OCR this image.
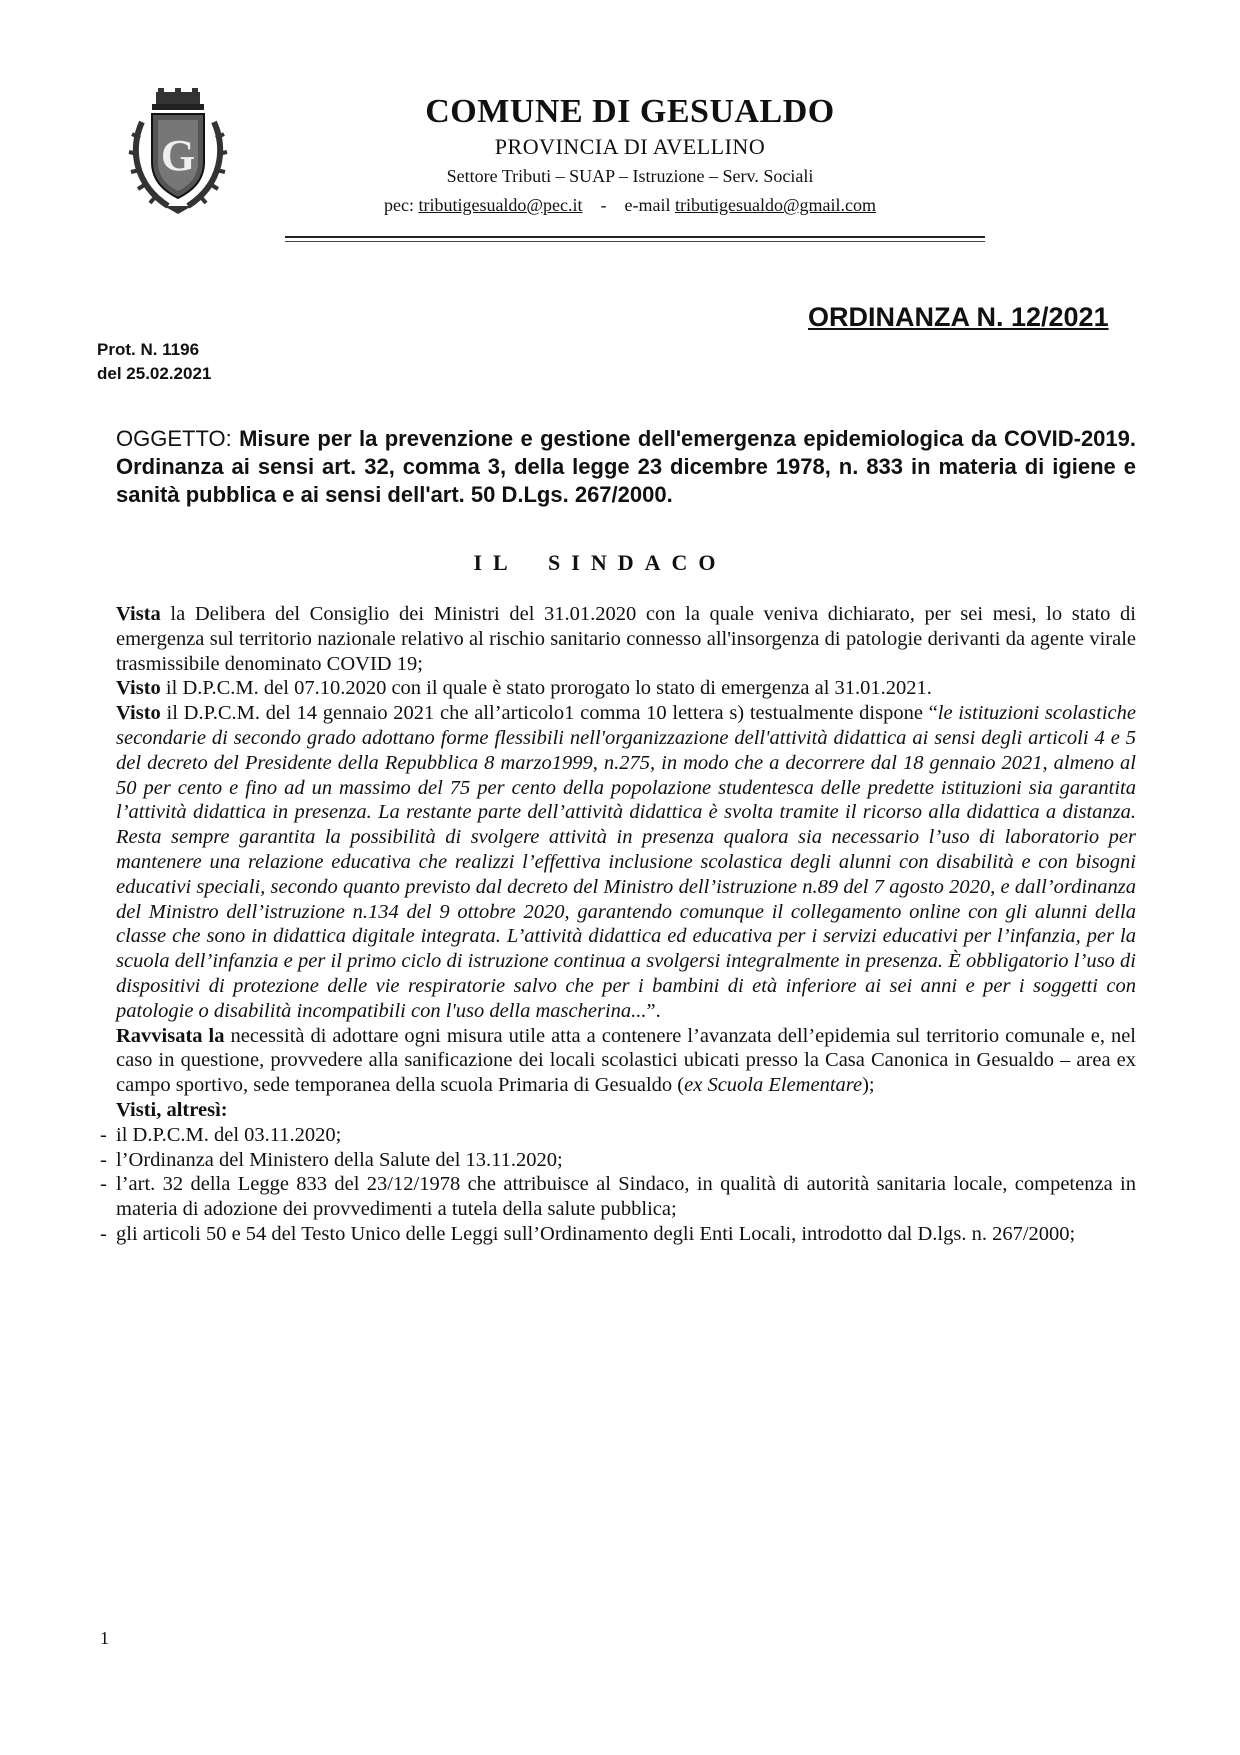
G
COMUNE DI GESUALDO
PROVINCIA DI AVELLINO
Settore Tributi – SUAP – Istruzione – Serv. Sociali
pec: tributigesualdo@pec.it - e-mail tributigesualdo@gmail.com
ORDINANZA N. 12/2021
Prot. N. 1196
del 25.02.2021
OGGETTO: Misure per la prevenzione e gestione dell'emergenza epidemiologica da COVID-2019. Ordinanza ai sensi art. 32, comma 3, della legge 23 dicembre 1978, n. 833 in materia di igiene e sanità pubblica e ai sensi dell'art. 50 D.Lgs. 267/2000.
IL SINDACO

Vista la Delibera del Consiglio dei Ministri del 31.01.2020 con la quale veniva dichiarato, per sei mesi, lo stato di emergenza sul territorio nazionale relativo al rischio sanitario connesso all'insorgenza di patologie derivanti da agente virale trasmissibile denominato COVID 19;

Visto il D.P.C.M. del 07.10.2020 con il quale è stato prorogato lo stato di emergenza al 31.01.2021.

Visto il D.P.C.M. del 14 gennaio 2021 che all’articolo1 comma 10 lettera s) testualmente dispone “le istituzioni scolastiche secondarie di secondo grado adottano forme flessibili nell'organizzazione dell'attività didattica ai sensi degli articoli 4 e 5 del decreto del Presidente della Repubblica 8 marzo1999, n.275, in modo che a decorrere dal 18 gennaio 2021, almeno al 50 per cento e fino ad un massimo del 75 per cento della popolazione studentesca delle predette istituzioni sia garantita l’attività didattica in presenza. La restante parte dell’attività didattica è svolta tramite il ricorso alla didattica a distanza. Resta sempre garantita la possibilità di svolgere attività in presenza qualora sia necessario l’uso di laboratorio per mantenere una relazione educativa che realizzi l’effettiva inclusione scolastica degli alunni con disabilità e con bisogni educativi speciali, secondo quanto previsto dal decreto del Ministro dell’istruzione n.89 del 7 agosto 2020, e dall’ordinanza del Ministro dell’istruzione n.134 del 9 ottobre 2020, garantendo comunque il collegamento online con gli alunni della classe che sono in didattica digitale integrata. L’attività didattica ed educativa per i servizi educativi per l’infanzia, per la scuola dell’infanzia e per il primo ciclo di istruzione continua a svolgersi integralmente in presenza. È obbligatorio l’uso di dispositivi di protezione delle vie respiratorie salvo che per i bambini di età inferiore ai sei anni e per i soggetti con patologie o disabilità incompatibili con l'uso della mascherina...”.

Ravvisata la necessità di adottare ogni misura utile atta a contenere l’avanzata dell’epidemia sul territorio comunale e, nel caso in questione, provvedere alla sanificazione dei locali scolastici ubicati presso la Casa Canonica in Gesualdo – area ex campo sportivo, sede temporanea della scuola Primaria di Gesualdo (ex Scuola Elementare);

Visti, altresì:

- il D.P.C.M. del 03.11.2020;
- l’Ordinanza del Ministero della Salute del 13.11.2020;
- l’art. 32 della Legge 833 del 23/12/1978 che attribuisce al Sindaco, in qualità di autorità sanitaria locale, competenza in materia di adozione dei provvedimenti a tutela della salute pubblica;
- gli articoli 50 e 54 del Testo Unico delle Leggi sull’Ordinamento degli Enti Locali, introdotto dal D.lgs. n. 267/2000;
1
